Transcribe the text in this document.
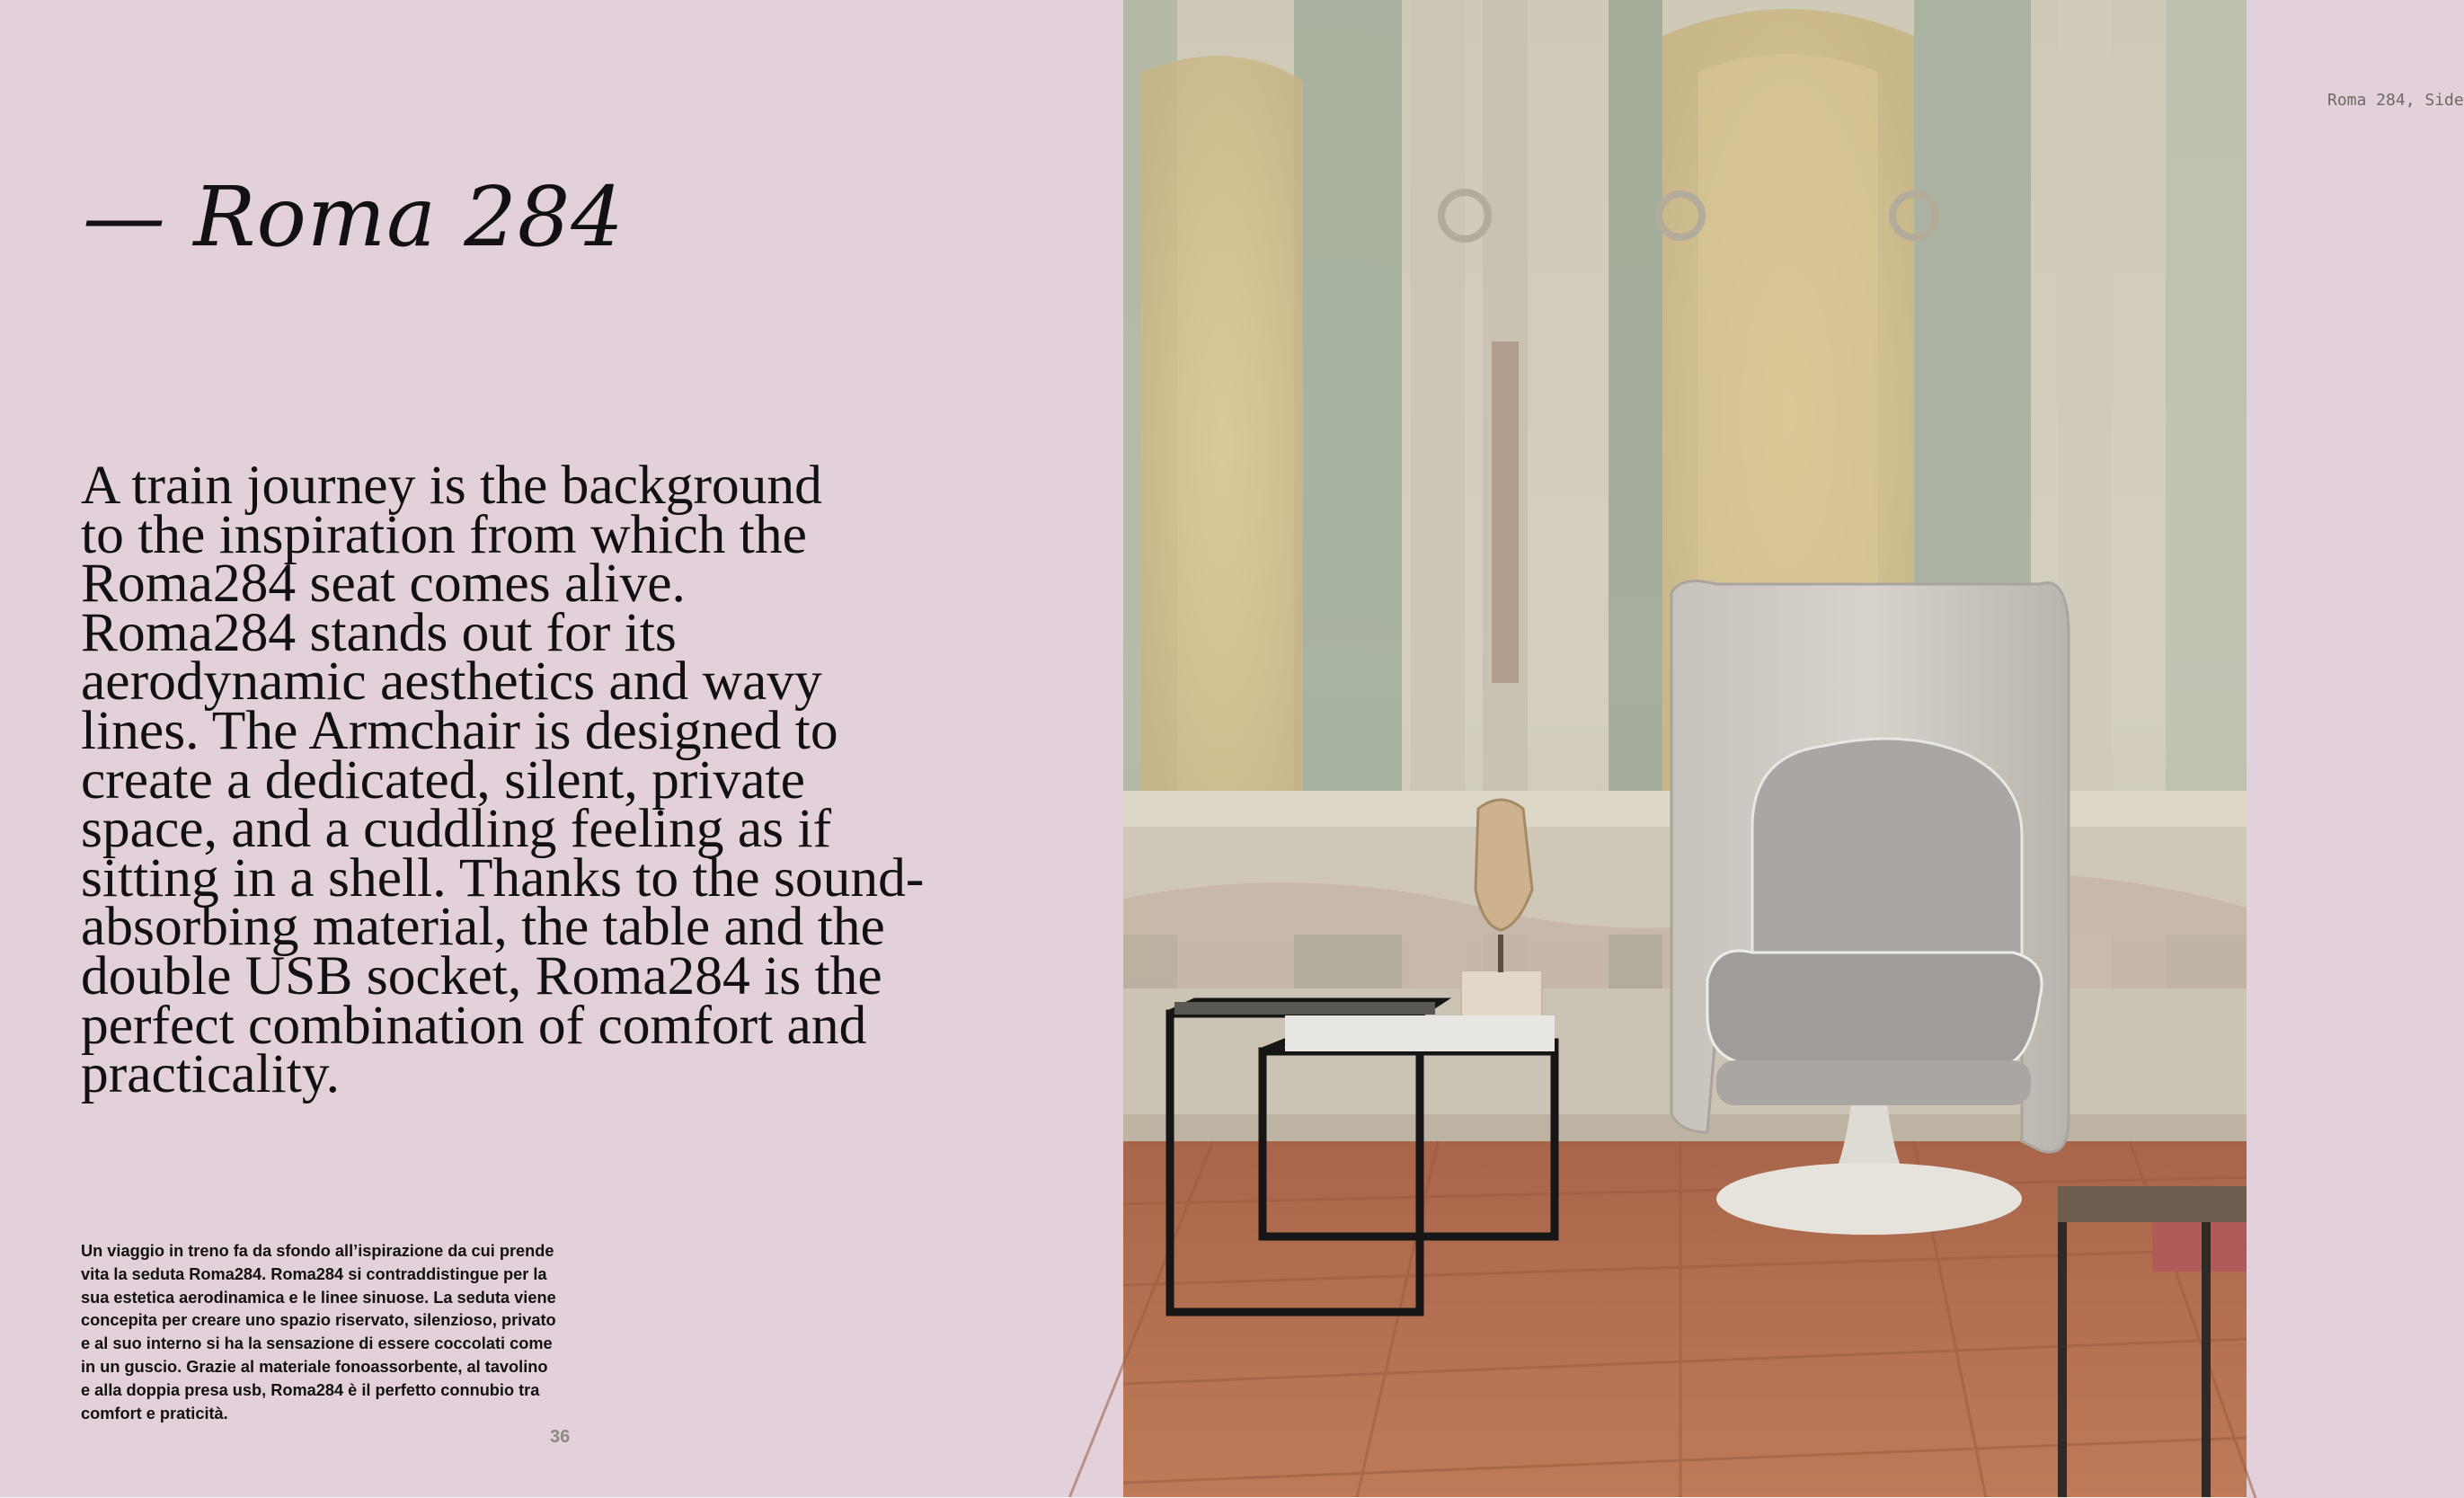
— Roma 284
A train journey is the background
to the inspiration from which the
Roma284 seat comes alive.
Roma284 stands out for its
aerodynamic aesthetics and wavy
lines. The Armchair is designed to
create a dedicated, silent, private
space, and a cuddling feeling as if
sitting in a shell. Thanks to the sound-
absorbing material, the table and the
double USB socket, Roma284 is the
perfect combination of comfort and
practicality.
Un viaggio in treno fa da sfondo all’ispirazione da cui prende
vita la seduta Roma284. Roma284 si contraddistingue per la
sua estetica aerodinamica e le linee sinuose. La seduta viene
concepita per creare uno spazio riservato, silenzioso, privato
e al suo interno si ha la sensazione di essere coccolati come
in un guscio. Grazie al materiale fonoassorbente, al tavolino
e alla doppia presa usb, Roma284 è il perfetto connubio tra
comfort e praticità.
36
Roma 284, Side
